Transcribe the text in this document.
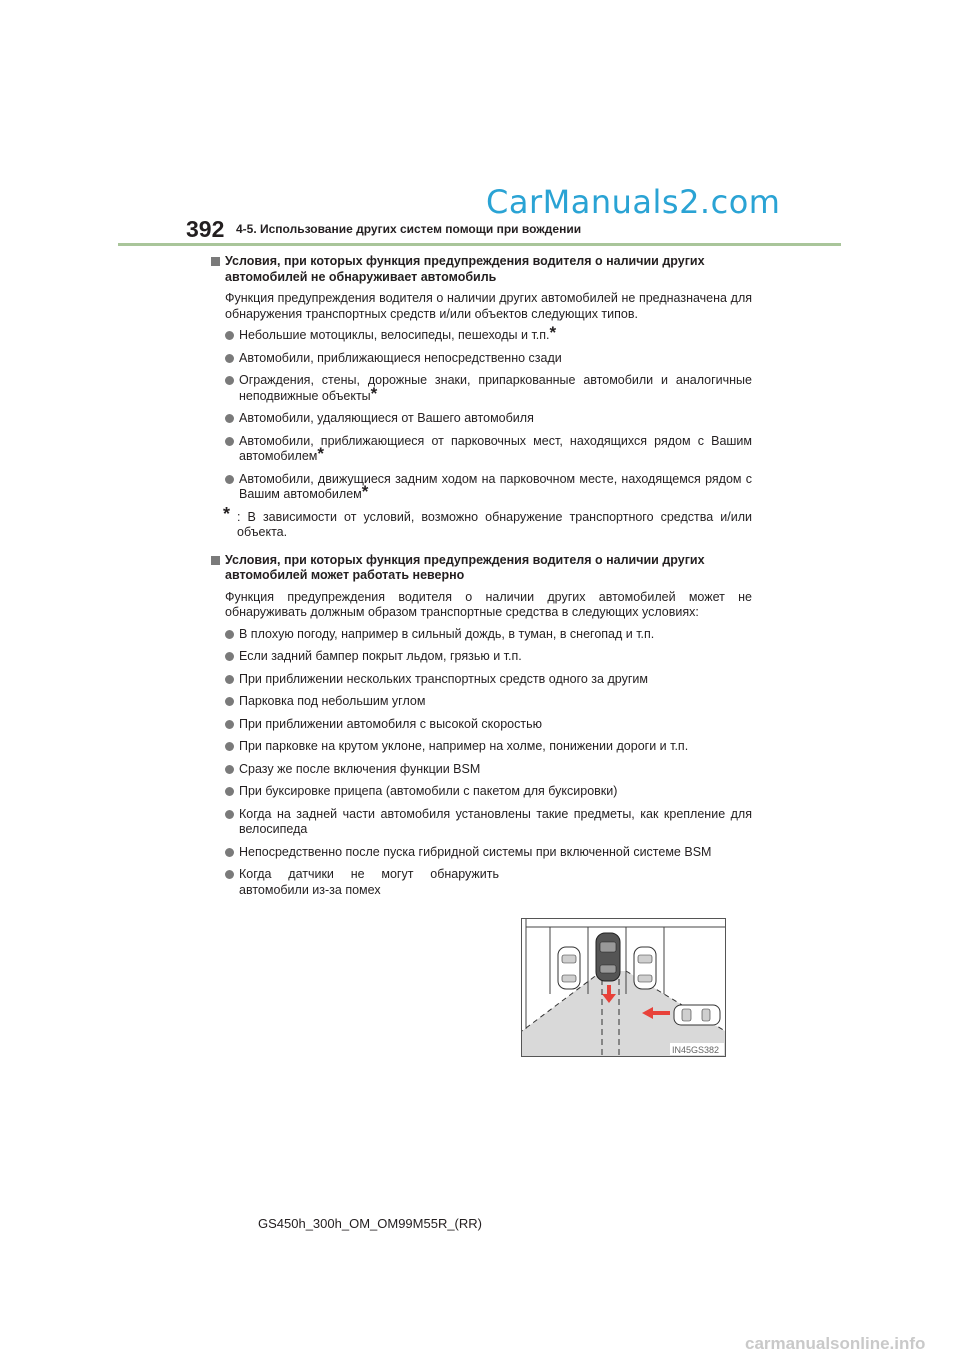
CarManuals2.com
392 4-5. Использование других систем помощи при вождении
Условия, при которых функция предупреждения водителя о наличии других автомобилей не обнаруживает автомобиль
Функция предупреждения водителя о наличии других автомобилей не предназначена для обнаружения транспортных средств и/или объектов следующих типов.
Небольшие мотоциклы, велосипеды, пешеходы и т.п.*
Автомобили, приближающиеся непосредственно сзади
Ограждения, стены, дорожные знаки, припаркованные автомобили и аналогичные неподвижные объекты*
Автомобили, удаляющиеся от Вашего автомобиля
Автомобили, приближающиеся от парковочных мест, находящихся рядом с Вашим автомобилем*
Автомобили, движущиеся задним ходом на парковочном месте, находящемся рядом с Вашим автомобилем*
* : В зависимости от условий, возможно обнаружение транспортного средства и/или объекта.
Условия, при которых функция предупреждения водителя о наличии других автомобилей может работать неверно
Функция предупреждения водителя о наличии других автомобилей может не обнаруживать должным образом транспортные средства в следующих условиях:
В плохую погоду, например в сильный дождь, в туман, в снегопад и т.п.
Если задний бампер покрыт льдом, грязью и т.п.
При приближении нескольких транспортных средств одного за другим
Парковка под небольшим углом
При приближении автомобиля с высокой скоростью
При парковке на крутом уклоне, например на холме, понижении дороги и т.п.
Сразу же после включения функции BSM
При буксировке прицепа (автомобили с пакетом для буксировки)
Когда на задней части автомобиля установлены такие предметы, как крепление для велосипеда
Непосредственно после пуска гибридной системы при включенной системе BSM
Когда датчики не могут обнаружить автомобили из-за помех
IN45GS382
GS450h_300h_OM_OM99M55R_(RR)
carmanualsonline.info
